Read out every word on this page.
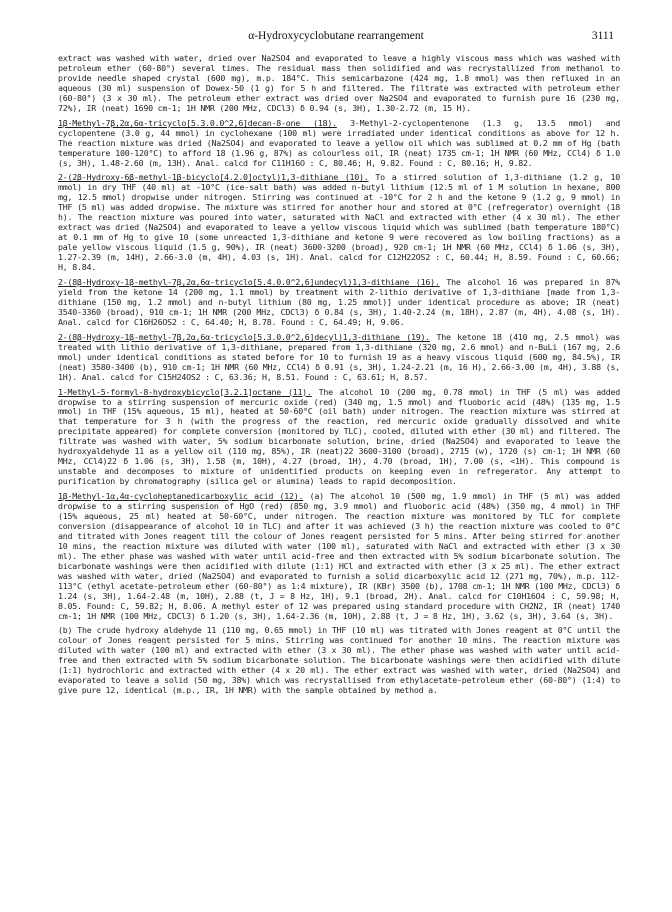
α-Hydroxycyclobutane rearrangement	3111

extract was washed with water, dried over Na2SO4 and evaporated to leave a highly viscous mass which was washed with petroleum ether (60-80°) several times. The residual mass then solidified and was recrystallized from methanol to provide needle shaped crystal (600 mg), m.p. 184°C. This semicarbazone (424 mg, 1.8 mmol) was then refluxed in an aqueous (30 ml) suspension of Dowex-50 (1 g) for 5 h and filtered. The filtrate was extracted with petroleum ether (60-80°) (3 x 30 ml). The petroleum ether extract was dried over Na2SO4 and evaporated to furnish pure 16 (230 mg, 72%), IR (neat) 1690 cm-1; 1H NMR (200 MHz, CDCl3) δ 0.94 (s, 3H), 1.30-2.72 (m, 15 H).

1β-Methyl-7β,2α,6α-tricyclo[5.3.0.0^2,6]decan-8-one (18). 3-Methyl-2-cyclopentenone (1.3 g, 13.5 mmol) and cyclopentene (3.0 g, 44 mmol) in cyclohexane (100 ml) were irradiated under identical conditions as above for 12 h. The reaction mixture was dried (Na2SO4) and evaporated to leave a yellow oil which was sublimed at 0.2 mm of Hg (bath temperature 100-120°C) to afford 18 (1.96 g, 87%) as colourless oil, IR (neat) 1735 cm-1; 1H NMR (60 MHz, CCl4) δ 1.0 (s, 3H), 1.48-2.60 (m, 13H). Anal. calcd for C11H16O : C, 80.46; H, 9.82. Found : C, 80.16; H, 9.82.

2-(2β-Hydroxy-6β-methyl-1β-bicyclo[4.2.0]octyl)1,3-dithiane (10). To a stirred solution of 1,3-dithiane (1.2 g, 10 mmol) in dry THF (40 ml) at -10°C (ice-salt bath) was added n-butyl lithium (12.5 ml of 1 M solution in hexane, 800 mg, 12.5 mmol) dropwise under nitrogen. Stirring was continued at -10°C for 2 h and the ketone 9 (1.2 g, 9 mmol) in THF (5 ml) was added dropwise. The mixture was stirred for another hour and stored at 0°C (refregerator) overnight (18 h). The reaction mixture was poured into water, saturated with NaCl and extracted with ether (4 x 30 ml). The ether extract was dried (Na2SO4) and evaporated to leave a yellow viscous liquid which was sublimed (bath temperature 180°C) at 0.1 mm of Hg to give 10 (some unreacted 1,3-dithiane and ketone 9 were recovered as low boiling fractions) as a pale yellow viscous liquid (1.5 g, 90%), IR (neat) 3600-3200 (broad), 920 cm-1; 1H NMR (60 MHz, CCl4) δ 1.06 (s, 3H), 1.27-2.39 (m, 14H), 2.66-3.0 (m, 4H), 4.03 (s, 1H). Anal. calcd for C12H22OS2 : C, 60.44; H, 8.59. Found : C, 60.66; H, 8.84.

2-(8β-Hydroxy-1β-methyl-7β,2α,6α-tricyclo[5.4.0.0^2,6]undecyl)1,3-dithiane (16). The alcohol 16 was prepared in 87% yield from the ketone 14 (200 mg, 1.1 mmol) by treatment with 2-lithio derivative of 1,3-dithiane [made from 1,3-dithiane (150 mg, 1.2 mmol) and n-butyl lithium (80 mg, 1.25 mmol)] under identical procedure as above; IR (neat) 3540-3360 (broad), 910 cm-1; 1H NMR (200 MHz, CDCl3) δ 0.84 (s, 3H), 1.40-2.24 (m, 18H), 2.87 (m, 4H), 4.08 (s, 1H). Anal. calcd for C16H26OS2 : C, 64.40; H, 8.78. Found : C, 64.49; H, 9.06.

2-(8β-Hydroxy-1β-methyl-7β,2α,6α-tricyclo[5.3.0.0^2,6]decyl)1,3-dithiane (19). The ketone 18 (410 mg, 2.5 mmol) was treated with lithio derivative of 1,3-dithiane, prepared from 1,3-dithiane (320 mg, 2.6 mmol) and n-BuLi (167 mg, 2.6 mmol) under identical conditions as stated before for 10 to furnish 19 as a heavy viscous liquid (600 mg, 84.5%), IR (neat) 3580-3400 (b), 910 cm-1; 1H NMR (60 MHz, CCl4) δ 0.91 (s, 3H), 1.24-2.21 (m, 16 H), 2.66-3.00 (m, 4H), 3.88 (s, 1H). Anal. calcd for C15H24OS2 : C, 63.36; H, 8.51. Found : C, 63.61; H, 8.57.

1-Methyl-5-formyl-8-hydroxybicyclo[3.2.1]octane (11). The alcohol 10 (200 mg, 0.78 mmol) in THF (5 ml) was added dropwise to a stirring suspension of mercuric oxide (red) (340 mg, 1.5 mmol) and fluoboric acid (48%) (135 mg, 1.5 mmol) in THF (15% aqueous, 15 ml), heated at 50-60°C (oil bath) under nitrogen. The reaction mixture was stirred at that temperature for 3 h (with the progress of the reaction, red mercuric oxide gradually dissolved and white precipitate appeared) for complete conversion (monitored by TLC), cooled, diluted with ether (30 ml) and filtered. The filtrate was washed with water, 5% sodium bicarbonate solution, brine, dried (Na2SO4) and evaporated to leave the hydroxyaldehyde 11 as a yellow oil (110 mg, 85%), IR (neat)22 3600-3100 (broad), 2715 (w), 1720 (s) cm-1; 1H NMR (60 MHz, CCl4)22 δ 1.06 (s, 3H), 1.58 (m, 10H), 4.27 (broad, 1H), 4.70 (broad, 1H), 7.00 (s, <1H). This compound is unstable and decomposes to mixture of unidentified products on keeping even in refregerator. Any attempt to purification by chromatography (silica gel or alumina) leads to rapid decomposition.

1β-Methyl-1α,4α-cycloheptanedicarboxylic acid (12). (a) The alcohol 10 (500 mg, 1.9 mmol) in THF (5 ml) was added dropwise to a stirring suspension of HgO (red) (850 mg, 3.9 mmol) and fluoboric acid (48%) (350 mg, 4 mmol) in THF (15% aqueous, 25 ml) heated at 50-60°C, under nitrogen. The reaction mixture was monitored by TLC for complete conversion (disappearance of alcohol 10 in TLC) and after it was achieved (3 h) the reaction mixture was cooled to 0°C and titrated with Jones reagent till the colour of Jones reagent persisted for 5 mins. After being stirred for another 10 mins, the reaction mixture was diluted with water (100 ml), saturated with NaCl and extracted with ether (3 x 30 ml). The ether phase was washed with water until acid-free and then extracted with 5% sodium bicarbonate solution. The bicarbonate washings were then acidified with dilute (1:1) HCl and extracted with ether (3 x 25 ml). The ether extract was washed with water, dried (Na2SO4) and evaporated to furnish a solid dicarboxylic acid 12 (271 mg, 70%), m.p. 112-113°C (ethyl acetate-petroleum ether (60-80°) as 1:4 mixture), IR (KBr) 3500 (b), 1708 cm-1; 1H NMR (100 MHz, CDCl3) δ 1.24 (s, 3H), 1.64-2.48 (m, 10H), 2.88 (t, J = 8 Hz, 1H), 9.1 (broad, 2H). Anal. calcd for C10H16O4 : C, 59.98; H, 8.05. Found: C, 59.82; H, 8.06. A methyl ester of 12 was prepared using standard procedure with CH2N2, IR (neat) 1740 cm-1; 1H NMR (100 MHz, CDCl3) δ 1.20 (s, 3H), 1.64-2.36 (m, 10H), 2.88 (t, J = 8 Hz, 1H), 3.62 (s, 3H), 3.64 (s, 3H).

(b) The crude hydroxy aldehyde 11 (110 mg, 0.65 mmol) in THF (10 ml) was titrated with Jones reagent at 0°C until the colour of Jones reagent persisted for 5 mins. Stirring was continued for another 10 mins. The reaction mixture was diluted with water (100 ml) and extracted with ether (3 x 30 ml). The ether phase was washed with water until acid-free and then extracted with 5% sodium bicarbonate solution. The bicarbonate washings were then acidified with dilute (1:1) hydrochloric and extracted with ether (4 x 20 ml). The ether extract was washed with water, dried (Na2SO4) and evaporated to leave a solid (50 mg, 38%) which was recrystallised from ethylacetate-petroleum ether (60-80°) (1:4) to give pure 12, identical (m.p., IR, 1H NMR) with the sample obtained by method a.
